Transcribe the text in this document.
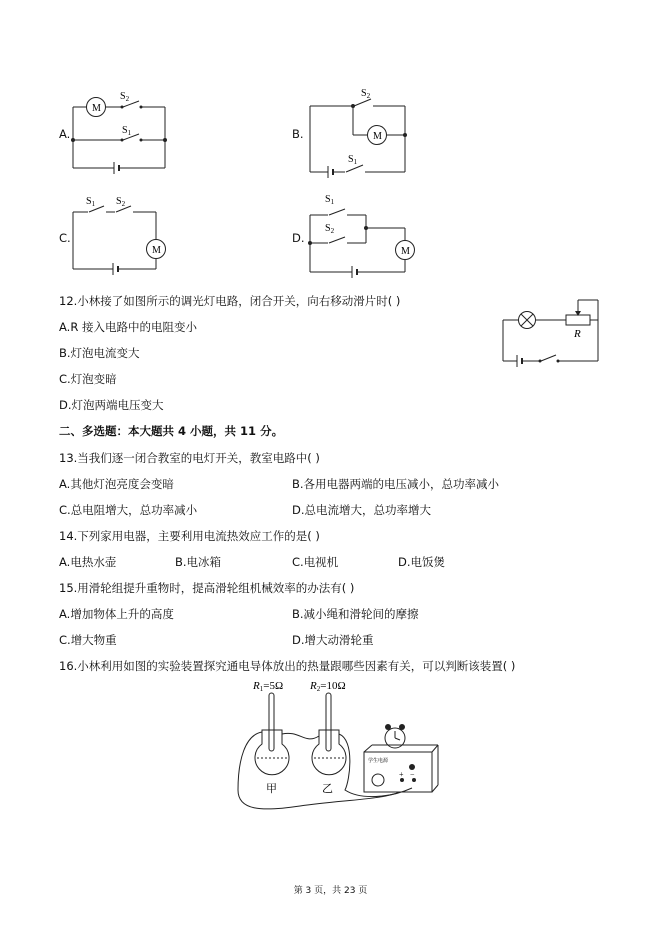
A.
M
$S_2$
$S_1$	B.	M
$S_2$
$S_1$
C.
M
$S_1$ $S_2$
D.
M
$S_1$
$S_2$
12.小林接了如图所示的调光灯电路，闭合开关，向右移动滑片时( )
A.R 接入电路中的电阻变小
B.灯泡电流变大
C.灯泡变暗
D.灯泡两端电压变大
R
二、多选题：本大题共 4 小题，共 11 分。
13.当我们逐一闭合教室的电灯开关，教室电路中( )
A.其他灯泡亮度会变暗	B.各用电器两端的电压减小，总功率减小
C.总电阻增大，总功率减小	D.总电流增大，总功率增大
14.下列家用电器，主要利用电流热效应工作的是( )
A.电热水壶	B.电冰箱	C.电视机	D.电饭煲
15.用滑轮组提升重物时，提高滑轮组机械效率的办法有( )
A.增加物体上升的高度	B.减小绳和滑轮间的摩擦
C.增大物重	D.增大动滑轮重
16.小林利用如图的实验装置探究通电导体放出的热量跟哪些因素有关，可以判断该装置( )
R1=5Ω R2=10Ω
+ −
学生电源
甲	乙
第 3 页，共 23 页
